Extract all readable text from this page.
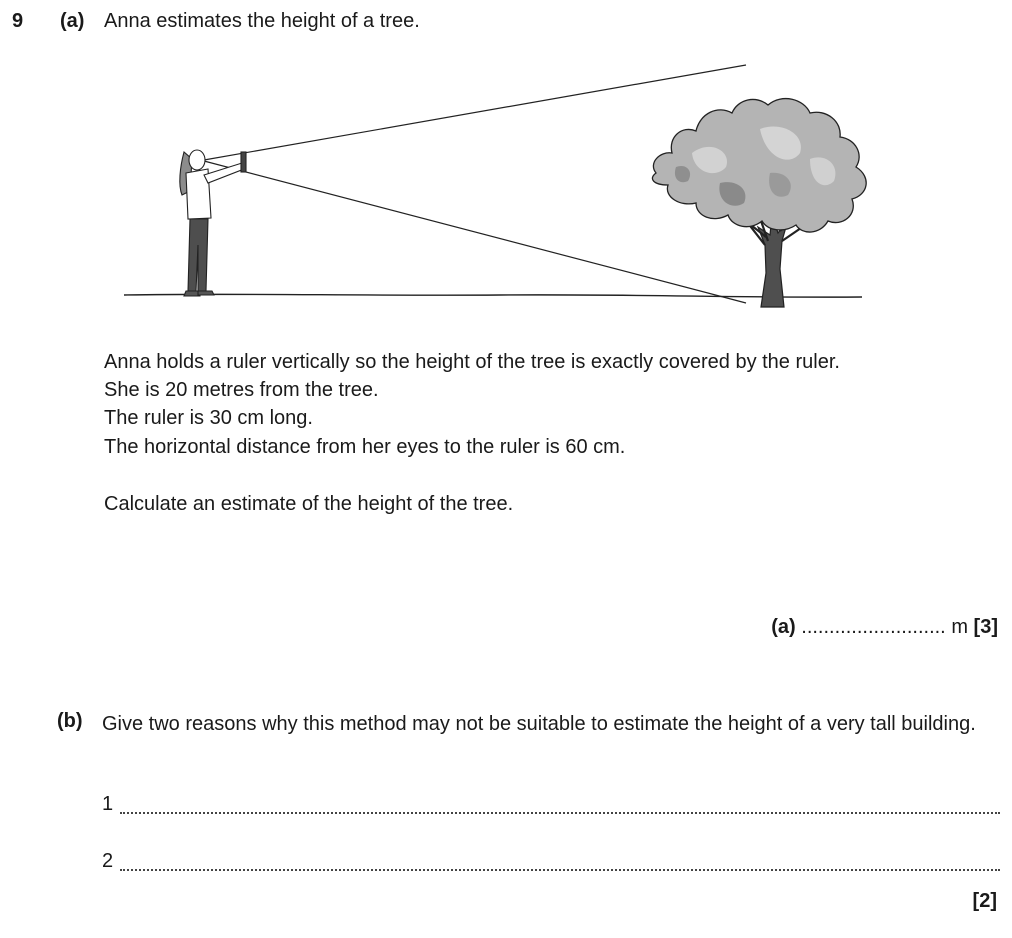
9 (a) Anna estimates the height of a tree.
Anna holds a ruler vertically so the height of the tree is exactly covered by the ruler.
She is 20 metres from the tree.
The ruler is 30 cm long.
The horizontal distance from her eyes to the ruler is 60 cm.
Calculate an estimate of the height of the tree.
(a) .......................... m [3]
(b) Give two reasons why this method may not be suitable to estimate the height of a very tall building.
1
2
[2]
